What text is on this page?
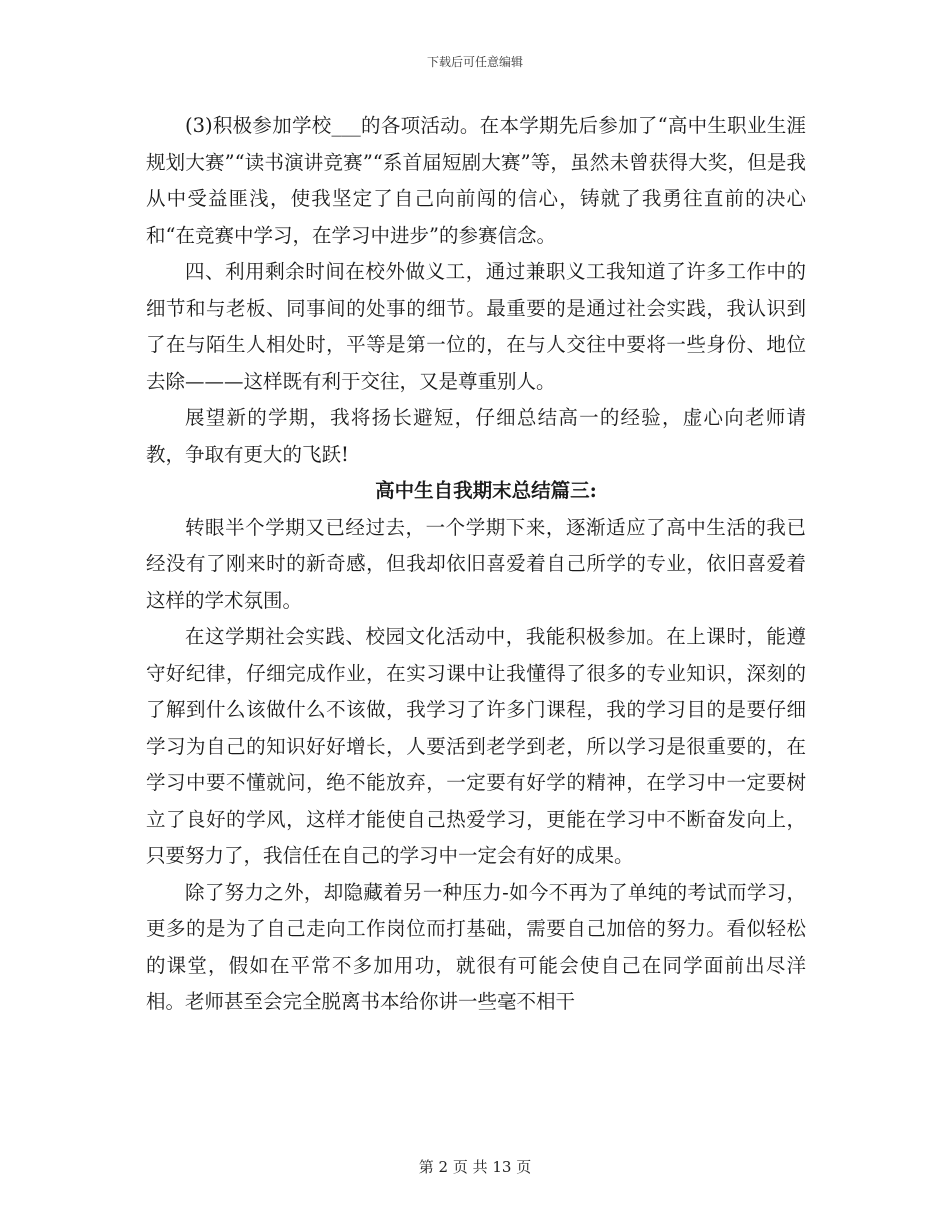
下载后可任意编辑

(3)积极参加学校___的各项活动。在本学期先后参加了“高中生职业生涯规划大赛”“读书演讲竞赛”“系首届短剧大赛”等，虽然未曾获得大奖，但是我从中受益匪浅，使我坚定了自己向前闯的信心，铸就了我勇往直前的决心和“在竞赛中学习，在学习中进步”的参赛信念。

四、利用剩余时间在校外做义工，通过兼职义工我知道了许多工作中的细节和与老板、同事间的处事的细节。最重要的是通过社会实践，我认识到了在与陌生人相处时，平等是第一位的，在与人交往中要将一些身份、地位去除———这样既有利于交往，又是尊重别人。

展望新的学期，我将扬长避短，仔细总结高一的经验，虚心向老师请教，争取有更大的飞跃!

高中生自我期末总结篇三:

转眼半个学期又已经过去，一个学期下来，逐渐适应了高中生活的我已经没有了刚来时的新奇感，但我却依旧喜爱着自己所学的专业，依旧喜爱着这样的学术氛围。

在这学期社会实践、校园文化活动中，我能积极参加。在上课时，能遵守好纪律，仔细完成作业，在实习课中让我懂得了很多的专业知识，深刻的了解到什么该做什么不该做，我学习了许多门课程，我的学习目的是要仔细学习为自己的知识好好增长，人要活到老学到老，所以学习是很重要的，在学习中要不懂就问，绝不能放弃，一定要有好学的精神，在学习中一定要树立了良好的学风，这样才能使自己热爱学习，更能在学习中不断奋发向上，只要努力了，我信任在自己的学习中一定会有好的成果。

除了努力之外，却隐藏着另一种压力-如今不再为了单纯的考试而学习，更多的是为了自己走向工作岗位而打基础，需要自己加倍的努力。看似轻松的课堂，假如在平常不多加用功，就很有可能会使自己在同学面前出尽洋相。老师甚至会完全脱离书本给你讲一些毫不相干

第 2 页 共 13 页
